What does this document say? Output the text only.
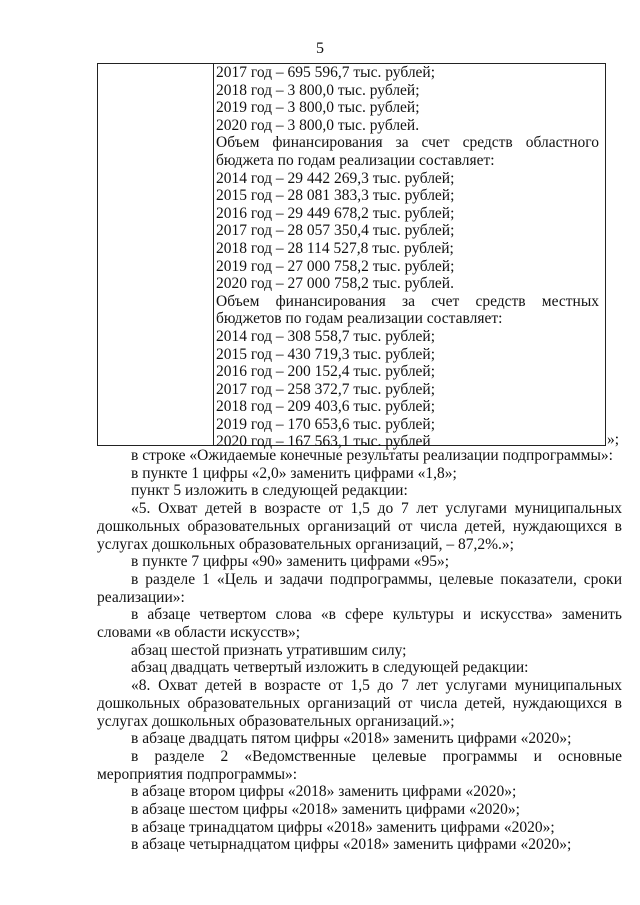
5
2017 год – 695 596,7 тыс. рублей;
2018 год – 3 800,0 тыс. рублей;
2019 год – 3 800,0 тыс. рублей;
2020 год – 3 800,0 тыс. рублей.
Объем финансирования за счет средств областного
бюджета по годам реализации составляет:
2014 год – 29 442 269,3 тыс. рублей;
2015 год – 28 081 383,3 тыс. рублей;
2016 год – 29 449 678,2 тыс. рублей;
2017 год – 28 057 350,4 тыс. рублей;
2018 год – 28 114 527,8 тыс. рублей;
2019 год – 27 000 758,2 тыс. рублей;
2020 год – 27 000 758,2 тыс. рублей.
Объем финансирования за счет средств местных
бюджетов по годам реализации составляет:
2014 год – 308 558,7 тыс. рублей;
2015 год – 430 719,3 тыс. рублей;
2016 год – 200 152,4 тыс. рублей;
2017 год – 258 372,7 тыс. рублей;
2018 год – 209 403,6 тыс. рублей;
2019 год – 170 653,6 тыс. рублей;
2020 год – 167 563,1 тыс. рублей	»;

в строке «Ожидаемые конечные результаты реализации подпрограммы»:

в пункте 1 цифры «2,0» заменить цифрами «1,8»;

пункт 5 изложить в следующей редакции:

«5. Охват детей в возрасте от 1,5 до 7 лет услугами муниципальных дошкольных образовательных организаций от числа детей, нуждающихся в услугах дошкольных образовательных организаций, – 87,2%.»;

в пункте 7 цифры «90» заменить цифрами «95»;

в разделе 1 «Цель и задачи подпрограммы, целевые показатели, сроки реализации»:

в абзаце четвертом слова «в сфере культуры и искусства» заменить словами «в области искусств»;

абзац шестой признать утратившим силу;

абзац двадцать четвертый изложить в следующей редакции:

«8. Охват детей в возрасте от 1,5 до 7 лет услугами муниципальных дошкольных образовательных организаций от числа детей, нуждающихся в услугах дошкольных образовательных организаций.»;

в абзаце двадцать пятом цифры «2018» заменить цифрами «2020»;

в разделе 2 «Ведомственные целевые программы и основные мероприятия подпрограммы»:

в абзаце втором цифры «2018» заменить цифрами «2020»;

в абзаце шестом цифры «2018» заменить цифрами «2020»;

в абзаце тринадцатом цифры «2018» заменить цифрами «2020»;

в абзаце четырнадцатом цифры «2018» заменить цифрами «2020»;
